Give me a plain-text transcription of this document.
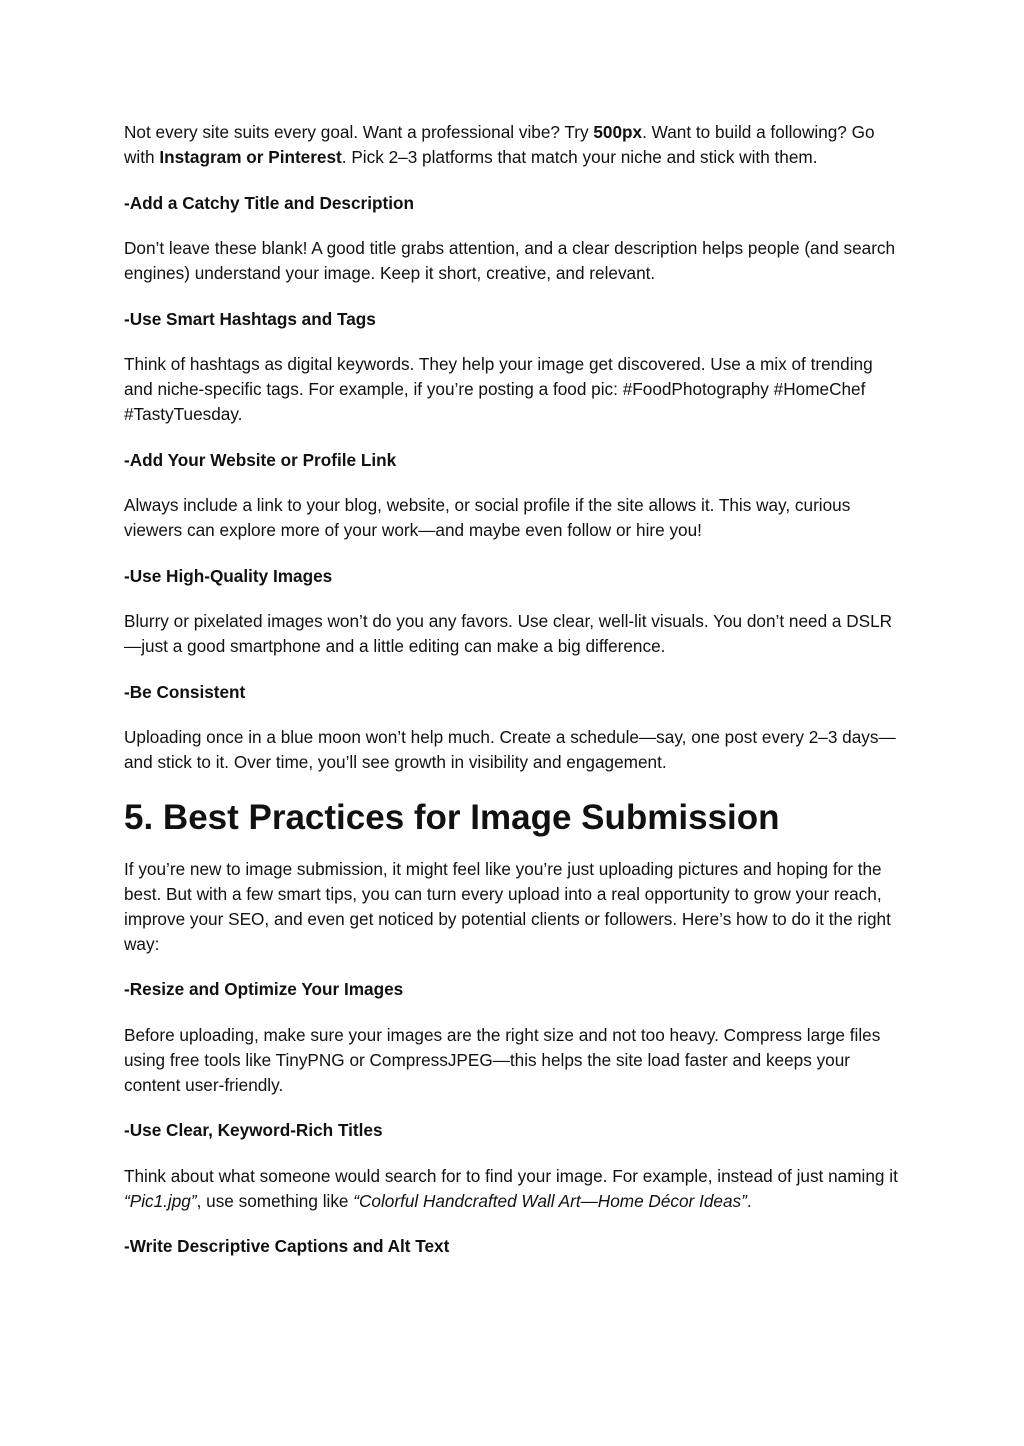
Not every site suits every goal. Want a professional vibe? Try 500px. Want to build a following? Go with Instagram or Pinterest. Pick 2–3 platforms that match your niche and stick with them.

-Add a Catchy Title and Description

Don’t leave these blank! A good title grabs attention, and a clear description helps people (and search engines) understand your image. Keep it short, creative, and relevant.

-Use Smart Hashtags and Tags

Think of hashtags as digital keywords. They help your image get discovered. Use a mix of trending and niche-specific tags. For example, if you’re posting a food pic: #FoodPhotography #HomeChef #TastyTuesday.

-Add Your Website or Profile Link

Always include a link to your blog, website, or social profile if the site allows it. This way, curious viewers can explore more of your work—and maybe even follow or hire you!

-Use High-Quality Images

Blurry or pixelated images won’t do you any favors. Use clear, well-lit visuals. You don’t need a DSLR—just a good smartphone and a little editing can make a big difference.

-Be Consistent

Uploading once in a blue moon won’t help much. Create a schedule—say, one post every 2–3 days—and stick to it. Over time, you’ll see growth in visibility and engagement.

5. Best Practices for Image Submission

If you’re new to image submission, it might feel like you’re just uploading pictures and hoping for the best. But with a few smart tips, you can turn every upload into a real opportunity to grow your reach, improve your SEO, and even get noticed by potential clients or followers. Here’s how to do it the right way:

-Resize and Optimize Your Images

Before uploading, make sure your images are the right size and not too heavy. Compress large files using free tools like TinyPNG or CompressJPEG—this helps the site load faster and keeps your content user-friendly.

-Use Clear, Keyword-Rich Titles

Think about what someone would search for to find your image. For example, instead of just naming it “Pic1.jpg”, use something like “Colorful Handcrafted Wall Art—Home Décor Ideas”.

-Write Descriptive Captions and Alt Text
